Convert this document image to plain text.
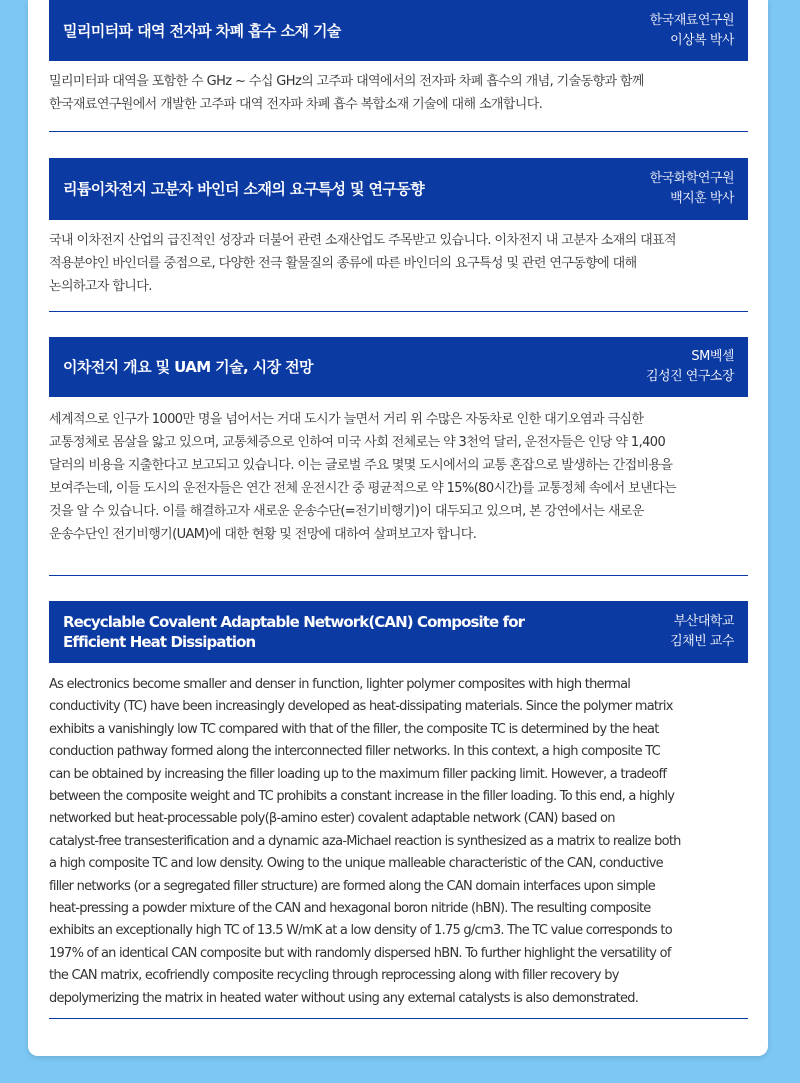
밀리미터파 대역 전자파 차폐 흡수 소재 기술
한국재료연구원
이상복 박사
밀리미터파 대역을 포함한 수 GHz ~ 수십 GHz의 고주파 대역에서의 전자파 차폐 흡수의 개념, 기술동향과 함께
한국재료연구원에서 개발한 고주파 대역 전자파 차폐 흡수 복합소재 기술에 대해 소개합니다.
리튬이차전지 고분자 바인더 소재의 요구특성 및 연구동향
한국화학연구원
백지훈 박사
국내 이차전지 산업의 급진적인 성장과 더불어 관련 소재산업도 주목받고 있습니다. 이차전지 내 고분자 소재의 대표적
적용분야인 바인더를 중점으로, 다양한 전극 활물질의 종류에 따른 바인더의 요구특성 및 관련 연구동향에 대해
논의하고자 합니다.
이차전지 개요 및 UAM 기술, 시장 전망
SM벡셀
김성진 연구소장
세계적으로 인구가 1000만 명을 넘어서는 거대 도시가 늘면서 거리 위 수많은 자동차로 인한 대기오염과 극심한
교통정체로 몸살을 앓고 있으며, 교통체증으로 인하여 미국 사회 전체로는 약 3천억 달러, 운전자들은 인당 약 1,400
달러의 비용을 지출한다고 보고되고 있습니다. 이는 글로벌 주요 몇몇 도시에서의 교통 혼잡으로 발생하는 간접비용을
보여주는데, 이들 도시의 운전자들은 연간 전체 운전시간 중 평균적으로 약 15%(80시간)를 교통정체 속에서 보낸다는
것을 알 수 있습니다. 이를 해결하고자 새로운 운송수단(=전기비행기)이 대두되고 있으며, 본 강연에서는 새로운
운송수단인 전기비행기(UAM)에 대한 현황 및 전망에 대하여 살펴보고자 합니다.
Recyclable Covalent Adaptable Network(CAN) Composite for
Efficient Heat Dissipation
부산대학교
김채빈 교수
As electronics become smaller and denser in function, lighter polymer composites with high thermal
conductivity (TC) have been increasingly developed as heat-dissipating materials. Since the polymer matrix
exhibits a vanishingly low TC compared with that of the filler, the composite TC is determined by the heat
conduction pathway formed along the interconnected filler networks. In this context, a high composite TC
can be obtained by increasing the filler loading up to the maximum filler packing limit. However, a tradeoff
between the composite weight and TC prohibits a constant increase in the filler loading. To this end, a highly
networked but heat-processable poly(β-amino ester) covalent adaptable network (CAN) based on
catalyst-free transesterification and a dynamic aza-Michael reaction is synthesized as a matrix to realize both
a high composite TC and low density. Owing to the unique malleable characteristic of the CAN, conductive
filler networks (or a segregated filler structure) are formed along the CAN domain interfaces upon simple
heat-pressing a powder mixture of the CAN and hexagonal boron nitride (hBN). The resulting composite
exhibits an exceptionally high TC of 13.5 W/mK at a low density of 1.75 g/cm3. The TC value corresponds to
197% of an identical CAN composite but with randomly dispersed hBN. To further highlight the versatility of
the CAN matrix, ecofriendly composite recycling through reprocessing along with filler recovery by
depolymerizing the matrix in heated water without using any external catalysts is also demonstrated.
